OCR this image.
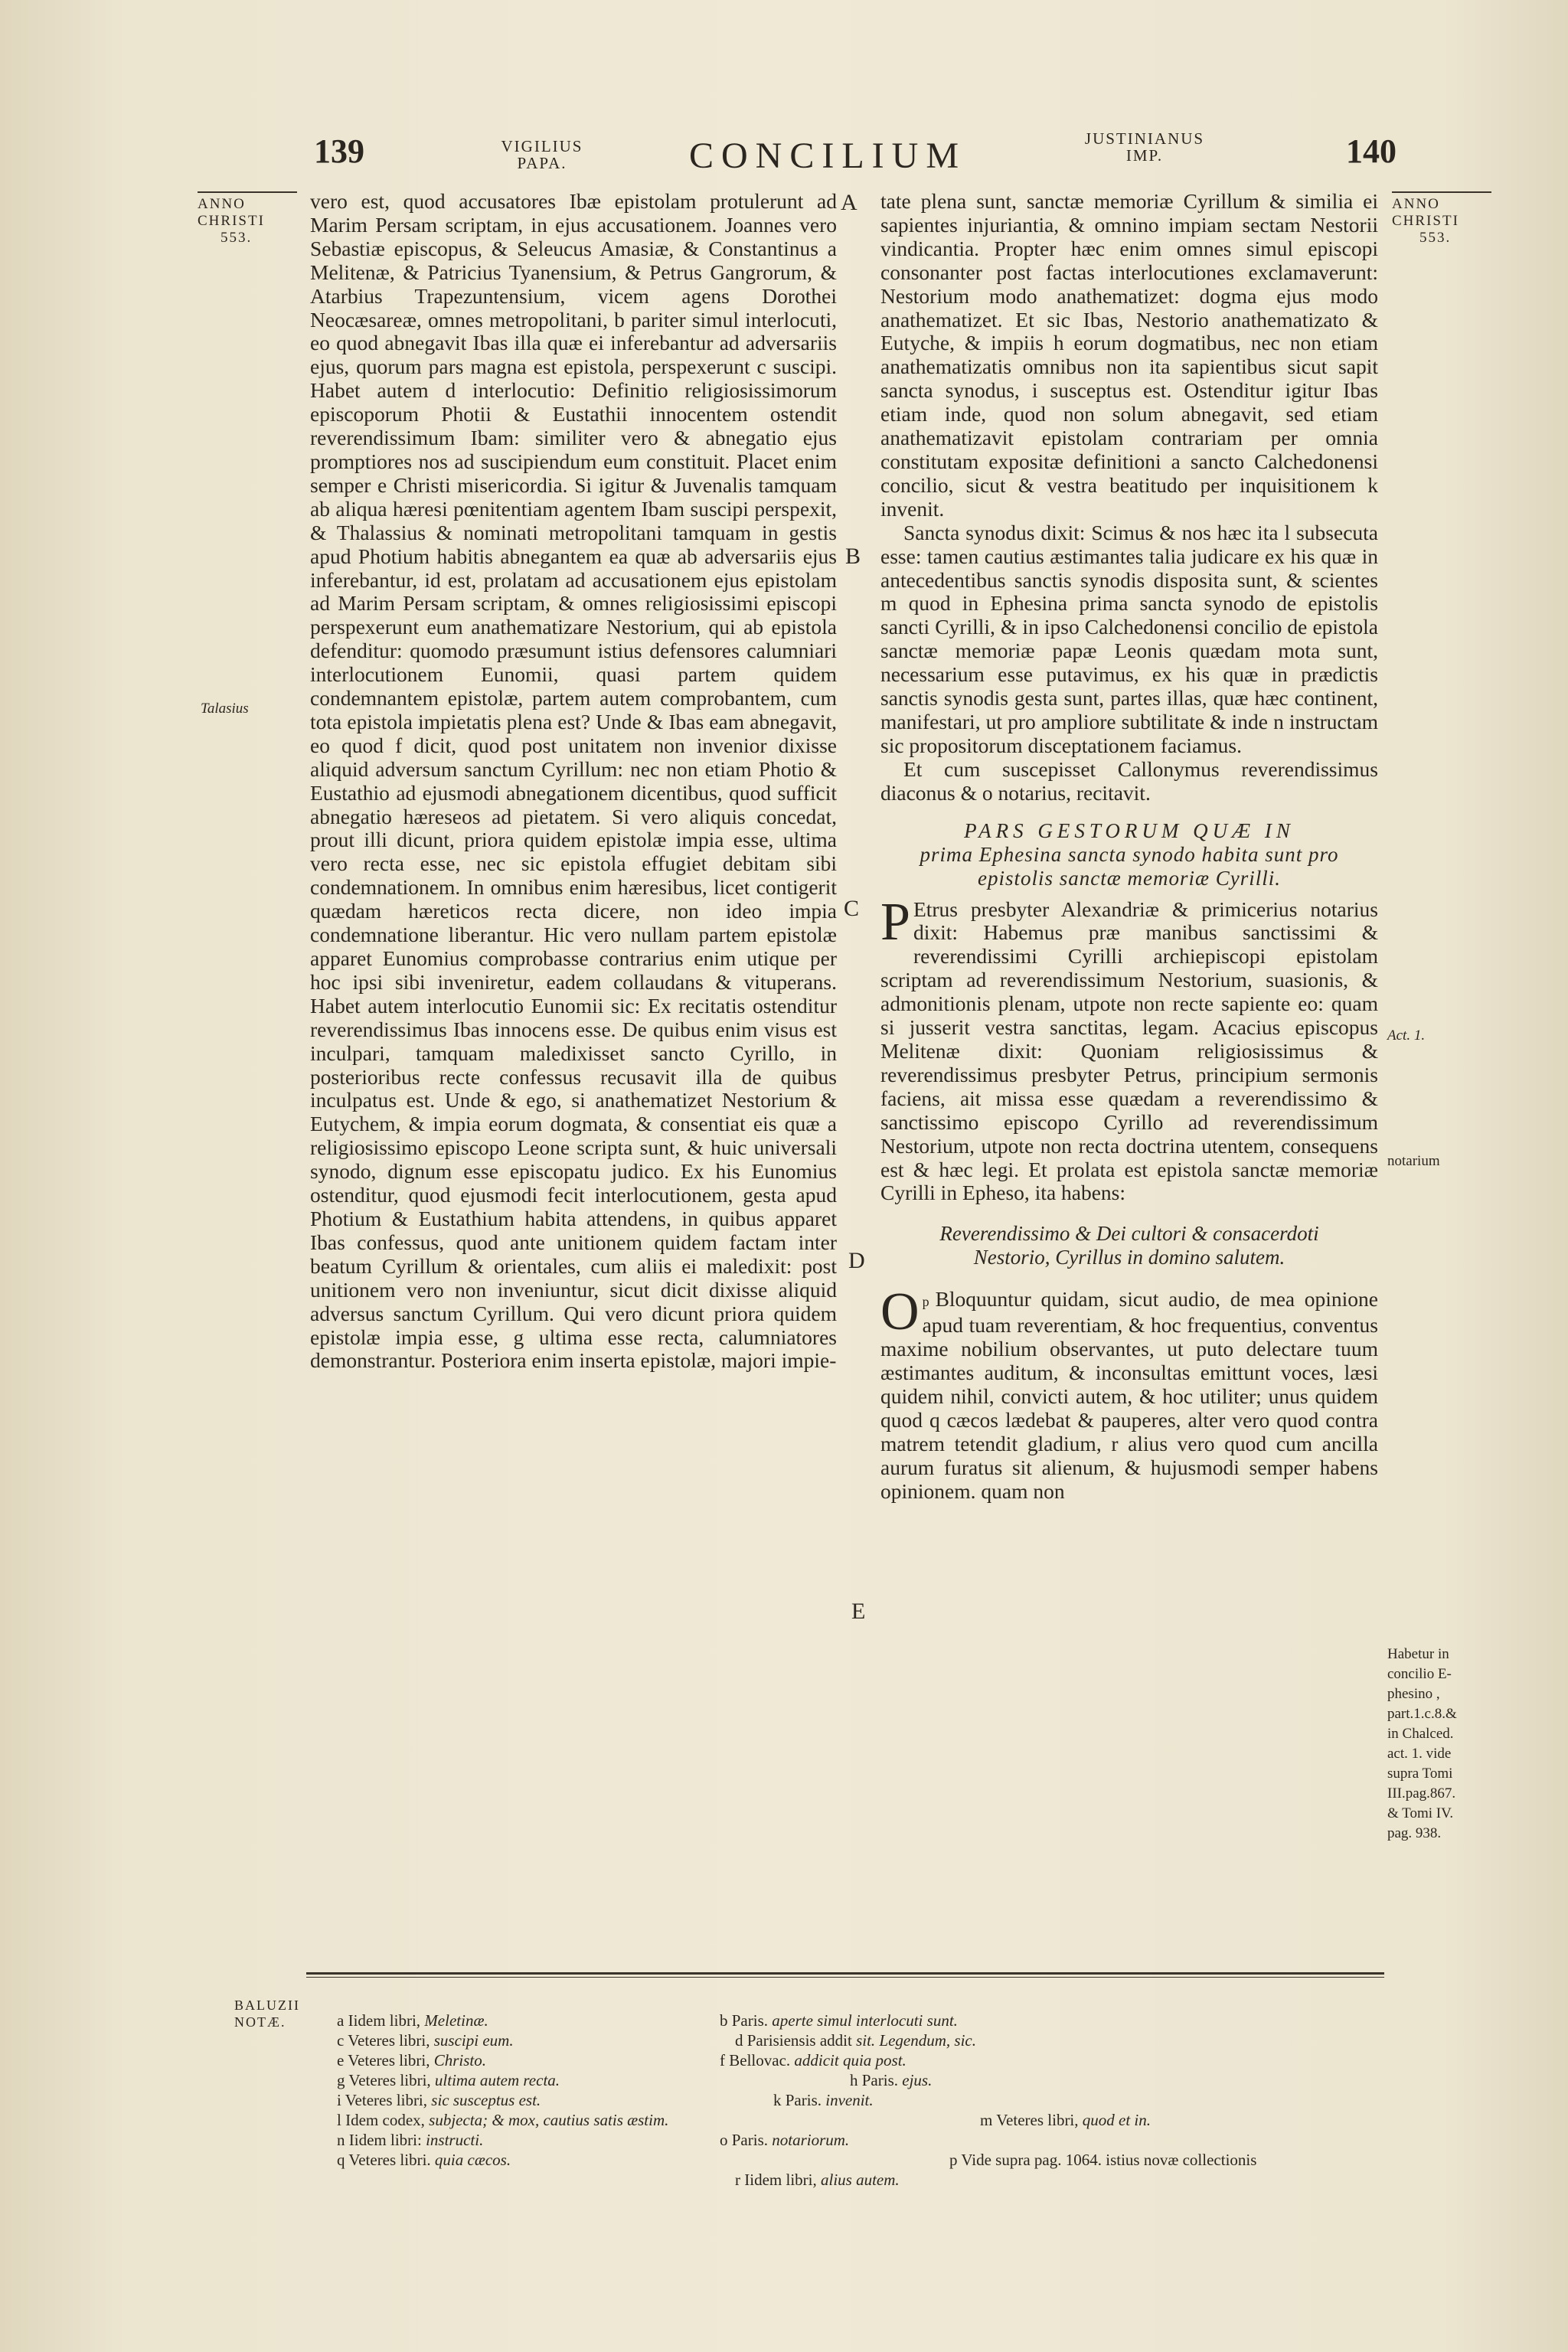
139	VIGILIUS
PAPA.	CONCILIUM	JUSTINIANUS
IMP.	140
ANNO
CHRISTI
553.
Talasius
ANNO
CHRISTI
553.
Act. 1.
notarium
Habetur in
concilio E-
phesino ,
part.1.c.8.&
in Chalced.
act. 1. vide
supra Tomi
III.pag.867.
& Tomi IV.
pag. 938.
A
B
C
D
E

vero est, quod accusatores Ibæ epistolam protulerunt ad Marim Persam scriptam, in ejus accusationem. Joannes vero Sebastiæ episcopus, & Seleucus Amasiæ, & Constantinus a Melitenæ, & Patricius Tyanensium, & Petrus Gangrorum, & Atarbius Trapezuntensium, vicem agens Dorothei Neocæsareæ, omnes metropolitani, b pariter simul interlocuti, eo quod abnegavit Ibas illa quæ ei inferebantur ad adversariis ejus, quorum pars magna est epistola, perspexerunt c suscipi. Habet autem d interlocutio: Definitio religiosissimorum episcoporum Photii & Eustathii innocentem ostendit reverendissimum Ibam: similiter vero & abnegatio ejus promptiores nos ad suscipiendum eum constituit. Placet enim semper e Christi misericordia. Si igitur & Juvenalis tamquam ab aliqua hæresi pœnitentiam agentem Ibam suscipi perspexit, & Thalassius & nominati metropolitani tamquam in gestis apud Photium habitis abnegantem ea quæ ab adversariis ejus inferebantur, id est, prolatam ad accusationem ejus epistolam ad Marim Persam scriptam, & omnes religiosissimi episcopi perspexerunt eum anathematizare Nestorium, qui ab epistola defenditur: quomodo præsumunt istius defensores calumniari interlocutionem Eunomii, quasi partem quidem condemnantem epistolæ, partem autem comprobantem, cum tota epistola impietatis plena est? Unde & Ibas eam abnegavit, eo quod f dicit, quod post unitatem non invenior dixisse aliquid adversum sanctum Cyrillum: nec non etiam Photio & Eustathio ad ejusmodi abnegationem dicentibus, quod sufficit abnegatio hæreseos ad pietatem. Si vero aliquis concedat, prout illi dicunt, priora quidem epistolæ impia esse, ultima vero recta esse, nec sic epistola effugiet debitam sibi condemnationem. In omnibus enim hæresibus, licet contigerit quædam hæreticos recta dicere, non ideo impia condemnatione liberantur. Hic vero nullam partem epistolæ apparet Eunomius comprobasse contrarius enim utique per hoc ipsi sibi inveniretur, eadem collaudans & vituperans. Habet autem interlocutio Eunomii sic: Ex recitatis ostenditur reverendissimus Ibas innocens esse. De quibus enim visus est inculpari, tamquam maledixisset sancto Cyrillo, in posterioribus recte confessus recusavit illa de quibus inculpatus est. Unde & ego, si anathematizet Nestorium & Eutychem, & impia eorum dogmata, & consentiat eis quæ a religiosissimo episcopo Leone scripta sunt, & huic universali synodo, dignum esse episcopatu judico. Ex his Eunomius ostenditur, quod ejusmodi fecit interlocutionem, gesta apud Photium & Eustathium habita attendens, in quibus apparet Ibas confessus, quod ante unitionem quidem factam inter beatum Cyrillum & orientales, cum aliis ei maledixit: post unitionem vero non inveniuntur, sicut dicit dixisse aliquid adversus sanctum Cyrillum. Qui vero dicunt priora quidem epistolæ impia esse, g ultima esse recta, calumniatores demonstrantur. Posteriora enim inserta epistolæ, majori impie-

tate plena sunt, sanctæ memoriæ Cyrillum & similia ei sapientes injuriantia, & omnino impiam sectam Nestorii vindicantia. Propter hæc enim omnes simul episcopi consonanter post factas interlocutiones exclamaverunt: Nestorium modo anathematizet: dogma ejus modo anathematizet. Et sic Ibas, Nestorio anathematizato & Eutyche, & impiis h eorum dogmatibus, nec non etiam anathematizatis omnibus non ita sapientibus sicut sapit sancta synodus, i susceptus est. Ostenditur igitur Ibas etiam inde, quod non solum abnegavit, sed etiam anathematizavit epistolam contrariam per omnia constitutam expositæ definitioni a sancto Calchedonensi concilio, sicut & vestra beatitudo per inquisitionem k invenit.

Sancta synodus dixit: Scimus & nos hæc ita l subsecuta esse: tamen cautius æstimantes talia judicare ex his quæ in antecedentibus sanctis synodis disposita sunt, & scientes m quod in Ephesina prima sancta synodo de epistolis sancti Cyrilli, & in ipso Calchedonensi concilio de epistola sanctæ memoriæ papæ Leonis quædam mota sunt, necessarium esse putavimus, ex his quæ in prædictis sanctis synodis gesta sunt, partes illas, quæ hæc continent, manifestari, ut pro ampliore subtilitate & inde n instructam sic propositorum disceptationem faciamus.

Et cum suscepisset Callonymus reverendissimus diaconus & o notarius, recitavit.

PARS GESTORUM QUÆ IN
prima Ephesina sancta synodo habita sunt pro epistolis sanctæ memoriæ Cyrilli.

P Etrus presbyter Alexandriæ & primicerius notarius dixit: Habemus præ manibus sanctissimi & reverendissimi Cyrilli archiepiscopi epistolam scriptam ad reverendissimum Nestorium, suasionis, & admonitionis plenam, utpote non recte sapiente eo: quam si jusserit vestra sanctitas, legam. Acacius episcopus Melitenæ dixit: Quoniam religiosissimus & reverendissimus presbyter Petrus, principium sermonis faciens, ait missa esse quædam a reverendissimo & sanctissimo episcopo Cyrillo ad reverendissimum Nestorium, utpote non recta doctrina utentem, consequens est & hæc legi. Et prolata est epistola sanctæ memoriæ Cyrilli in Epheso, ita habens:

Reverendissimo & Dei cultori & consacerdoti
Nestorio, Cyrillus in domino salutem.

p
O Bloquuntur quidam, sicut audio, de mea opinione apud tuam reverentiam, & hoc frequentius, conventus maxime nobilium observantes, ut puto delectare tuum æstimantes auditum, & inconsultas emittunt voces, læsi quidem nihil, convicti autem, & hoc utiliter; unus quidem quod q cæcos lædebat & pauperes, alter vero quod contra matrem tetendit gladium, r alius vero quod cum ancilla aurum furatus sit alienum, & hujusmodi semper habens opinionem. quam non

BALUZII
NOTÆ.	a Iidem libri, Meletinæ.
c Veteres libri, suscipi eum.
e Veteres libri, Christo.
g Veteres libri, ultima autem recta.
i Veteres libri, sic susceptus est.
l Idem codex, subjecta; & mox, cautius satis æstim.
n Iidem libri: instructi.
q Veteres libri. quia cæcos.
b Paris. aperte simul interlocuti sunt.
d Parisiensis addit sit. Legendum, sic.
f Bellovac. addicit quia post.
h Paris. ejus.
k Paris. invenit.
m Veteres libri, quod et in.
o Paris. notariorum.
p Vide supra pag. 1064. istius novæ collectionis
r Iidem libri, alius autem.
